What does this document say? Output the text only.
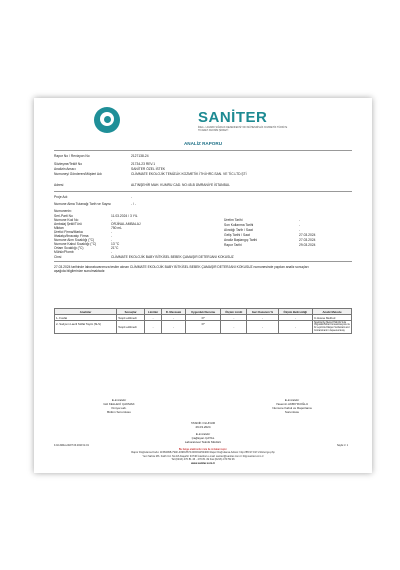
SANİTER
İDEA - LAVABO SIĞIRLIK DEZENFEKSİYON MÜHENDİSLİK KOZMETİK TÜRKİYE TICARET ANONİM ŞİRKETİ
ANALİZ RAPORU
Rapor No / Revizyon No	2127138-24
Sözleşme/Teklif No	21734-23 REV.1
Analizin Amacı	SANİTER ÖZEL İSTEK
Numuneyi Gönderen/Müşteri Adı	CLİMMATE EKOLOJİK TEMİZLİK KOZMETİK İTH.İHRC.SAN. VE TİC.LTD.ŞTİ
Adresi	ALTINŞEHİR MAH. KUMRU CAD. NO:45-B ÜMRANİYE İSTANBUL
Proje Adı	-
Numune Alma Tutanağı Tarih ve Sayısı	- / -
Numunenin:
Seri-Parti No	11.03.2024 / 3 YIL
Numune Kod No	-
Ambalaj Şekli/Türü	ORJİNAL AMBALAJ
Miktarı	750 mL
Üretici Firma/Marka	-
İthalatçı/İhracatçı Firma	-
Numune Alım Sıcaklığı (°C)	-
Numune Kabul Sıcaklığı (°C)	13 °C
Ortam Sıcaklığı (°C)	21°C
Mühür/Plomb	-
Cinsi	CLİMMATE EKOLOJİK BABY BİTKİSEL BEBEK ÇAMAŞIR DETERJANI KOKUSUZ
Üretim Tarihi	-
Son Kullanma Tarihi	-
Alındığı Tarih / Saat	-
Geliş Tarihi / Saat	27.03.2024
Analiz Başlangıç Tarihi	27.03.2024
Rapor Tarihi	29.03.2024
27.03.2024 tarihinde laboratuvarımıza teslim alınan CLİMMATE EKOLOJİK BABY BİTKİSEL BEBEK ÇAMAŞIR DETERJANI KOKUSUZ numunesinde yapılan analiz sonuçları aşağıda bilgilerinize sunulmaktadır.
Analizler	Sonuçlar	Limitler	D. Mevzuatı	Uygunluk Durumu	Ölçüm Limiti	Geri Kazanım %	Ölçüm Belirsizliği	Analiz Metodu
1- Fosfat	Tespit edilmedi	-	-	D*	-	-	-	In House Method
2- Sodyum Lauril Sülfat Tayini (SLS)	Tespit edilmedi	-	-	D*	-	-	-	Spektral Ay Metod Hidrolik Sulu Oligosiklohidrat Konsantrasyonu ile bir a-primla Oksijen Surfactant and Contaminant in Aqueous Exay
E-imzalıdır
Gül KELLECİ ÇAKMAK
Kimya Lab.
Bölüm Sorumlusu
E-imzalıdır
Yasemin AKBIYIKOĞLU
Numune Kabul ve Raporlama
Sorumlusu
TASDİK OLUNUR
29.03.2024
E-imzalıdır
Çağlayan ÇATAL
Laboratuvar Teknik Müdürü
F-02-32/Rev.00/27.03.2016/ 11:19	Sayfa 1 / 1
Bu belge elektronik imza ile imzalanmıştır.
Rapor Doğrulama Kodu: 11584998-794F-4698-8670-9FD9115340D Rapor Doğrulama Adresi: http://85.97.197.214/sorgu.php
Yeni Sahra Mh. Fatih Cd. No:18 Ataşehir 34746 İstanbul e-mail: saniter@saniter.com.tr bilgi.saniter.com.tr
Tel:(0216) 470 81 46 - 470 81 49 Fax:(0216) 470 59 36
www.saniter.com.tr
